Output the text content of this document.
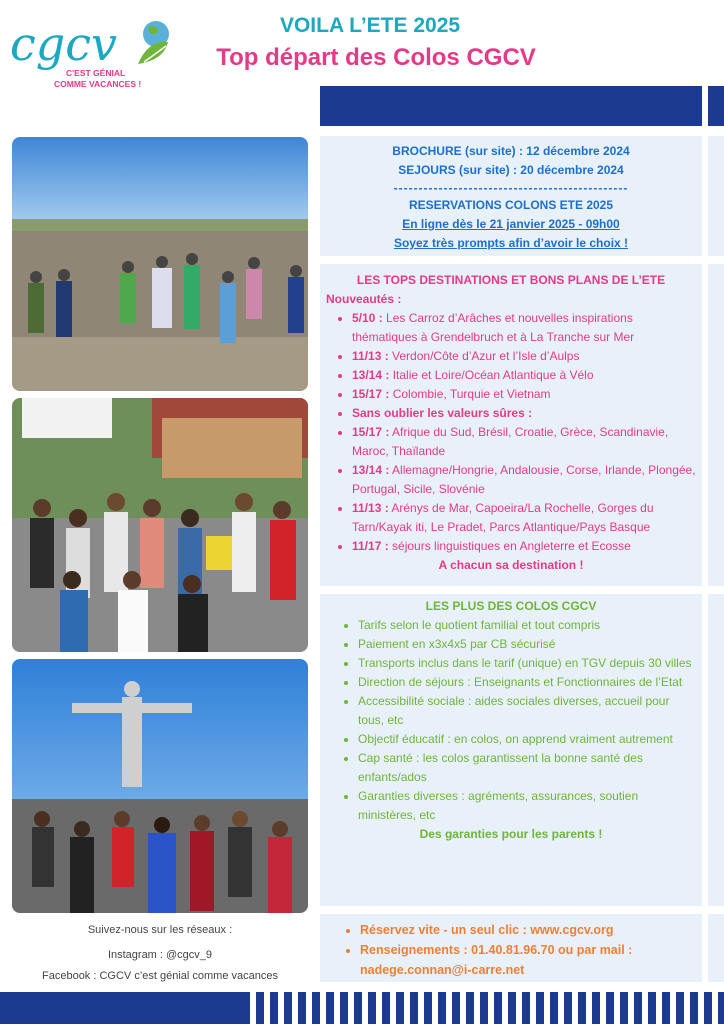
cgcv
C'EST GÉNIAL
COMME VACANCES !
VOILA L’ETE 2025
Top départ des Colos CGCV
BROCHURE (sur site) : 12 décembre 2024
SEJOURS (sur site) : 20 décembre 2024
-----------------------------------------------
RESERVATIONS COLONS ETE 2025
En ligne dès le 21 janvier 2025 - 09h00
Soyez très prompts afin d’avoir le choix !
LES TOPS DESTINATIONS ET BONS PLANS DE L’ETE
Nouveautés :
• 5/10 : Les Carroz d’Arâches et nouvelles inspirations thématiques à Grendelbruch et à La Tranche sur Mer
• 11/13 : Verdon/Côte d’Azur et l’Isle d’Aulps
• 13/14 : Italie et Loire/Océan Atlantique à Vélo
• 15/17 : Colombie, Turquie et Vietnam
• Sans oublier les valeurs sûres :
• 15/17 : Afrique du Sud, Brésil, Croatie, Grèce, Scandinavie, Maroc, Thaïlande
• 13/14 : Allemagne/Hongrie, Andalousie, Corse, Irlande, Plongée, Portugal, Sicile, Slovénie
• 11/13 : Arénys de Mar, Capoeira/La Rochelle, Gorges du Tarn/Kayak iti, Le Pradet, Parcs Atlantique/Pays Basque
• 11/17 : séjours linguistiques en Angleterre et Ecosse
A chacun sa destination !
LES PLUS DES COLOS CGCV
• Tarifs selon le quotient familial et tout compris
• Paiement en x3x4x5 par CB sécurisé
• Transports inclus dans le tarif (unique) en TGV depuis 30 villes
• Direction de séjours : Enseignants et Fonctionnaires de l’Etat
• Accessibilité sociale : aides sociales diverses, accueil pour tous, etc
• Objectif éducatif : en colos, on apprend vraiment autrement
• Cap santé : les colos garantissent la bonne santé des enfants/ados
• Garanties diverses : agréments, assurances, soutien ministères, etc
Des garanties pour les parents !
• Réservez vite - un seul clic : www.cgcv.org
• Renseignements : 01.40.81.96.70 ou par mail : nadege.connan@i-carre.net
Suivez-nous sur les réseaux :
Instagram : @cgcv_9
Facebook : CGCV c’est génial comme vacances
